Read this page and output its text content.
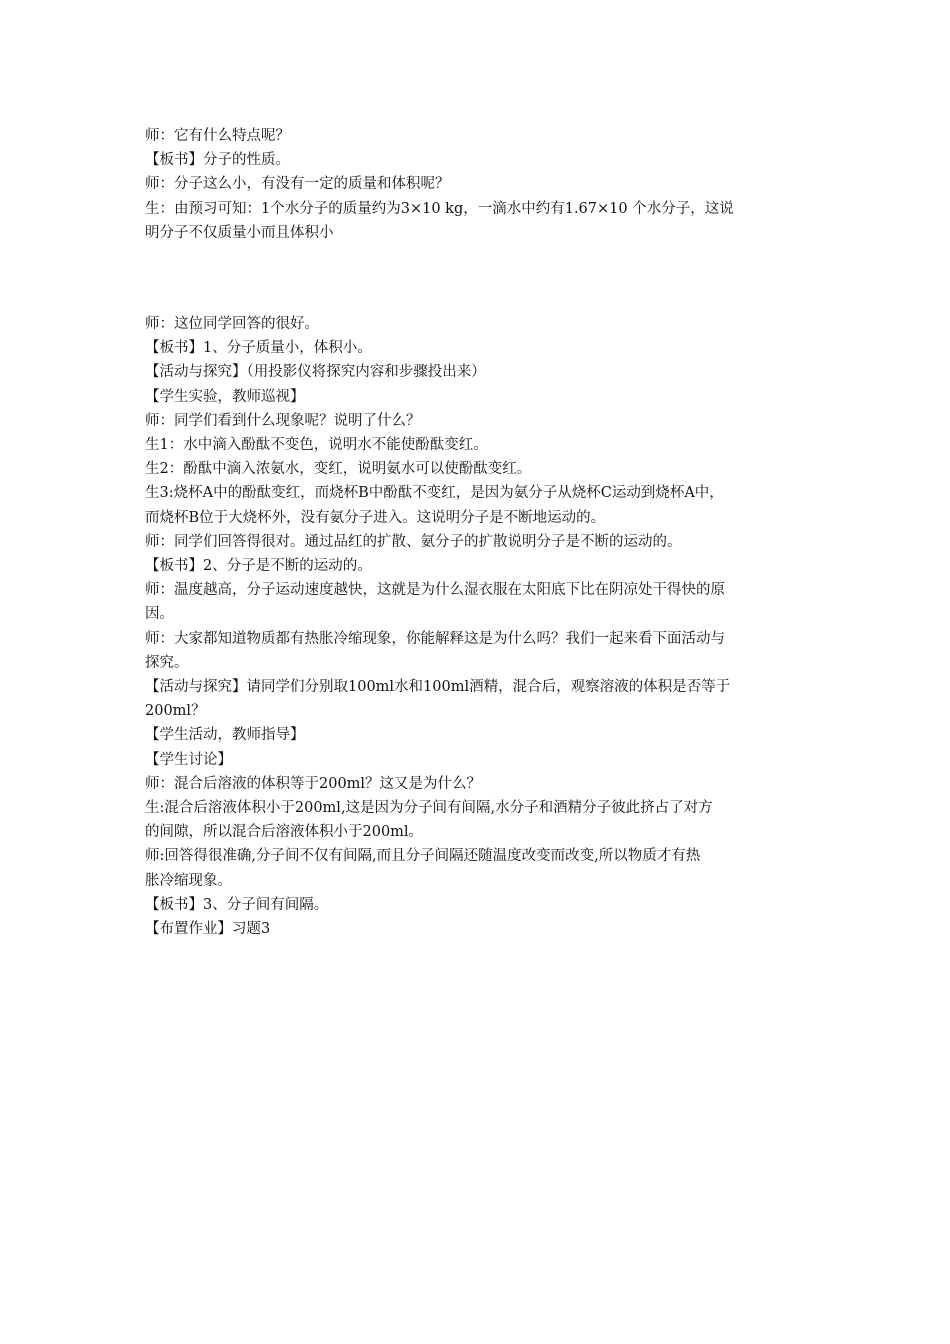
师：它有什么特点呢？
【板书】分子的性质。
师：分子这么小，有没有一定的质量和体积呢？
生：由预习可知：1个水分子的质量约为3×10 kg，一滴水中约有1.67×10 个水分子，这说
明分子不仅质量小而且体积小
师：这位同学回答的很好。
【板书】1、分子质量小，体积小。
【活动与探究】（用投影仪将探究内容和步骤投出来）
【学生实验，教师巡视】
师：同学们看到什么现象呢？说明了什么？
生1：水中滴入酚酞不变色，说明水不能使酚酞变红。
生2：酚酞中滴入浓氨水，变红，说明氨水可以使酚酞变红。
生3:烧杯A中的酚酞变红，而烧杯B中酚酞不变红，是因为氨分子从烧杯C运动到烧杯A中，
而烧杯B位于大烧杯外，没有氨分子进入。这说明分子是不断地运动的。
师：同学们回答得很对。通过品红的扩散、氨分子的扩散说明分子是不断的运动的。
【板书】2、分子是不断的运动的。
师：温度越高，分子运动速度越快，这就是为什么湿衣服在太阳底下比在阴凉处干得快的原
因。
师：大家都知道物质都有热胀冷缩现象，你能解释这是为什么吗？我们一起来看下面活动与
探究。
【活动与探究】请同学们分别取100ml水和100ml酒精，混合后，观察溶液的体积是否等于
200ml？
【学生活动，教师指导】
【学生讨论】
师：混合后溶液的体积等于200ml？这又是为什么？
生:混合后溶液体积小于200ml,这是因为分子间有间隔,水分子和酒精分子彼此挤占了对方
的间隙，所以混合后溶液体积小于200ml。
师:回答得很准确,分子间不仅有间隔,而且分子间隔还随温度改变而改变,所以物质才有热
胀冷缩现象。
【板书】3、分子间有间隔。
【布置作业】习题3
